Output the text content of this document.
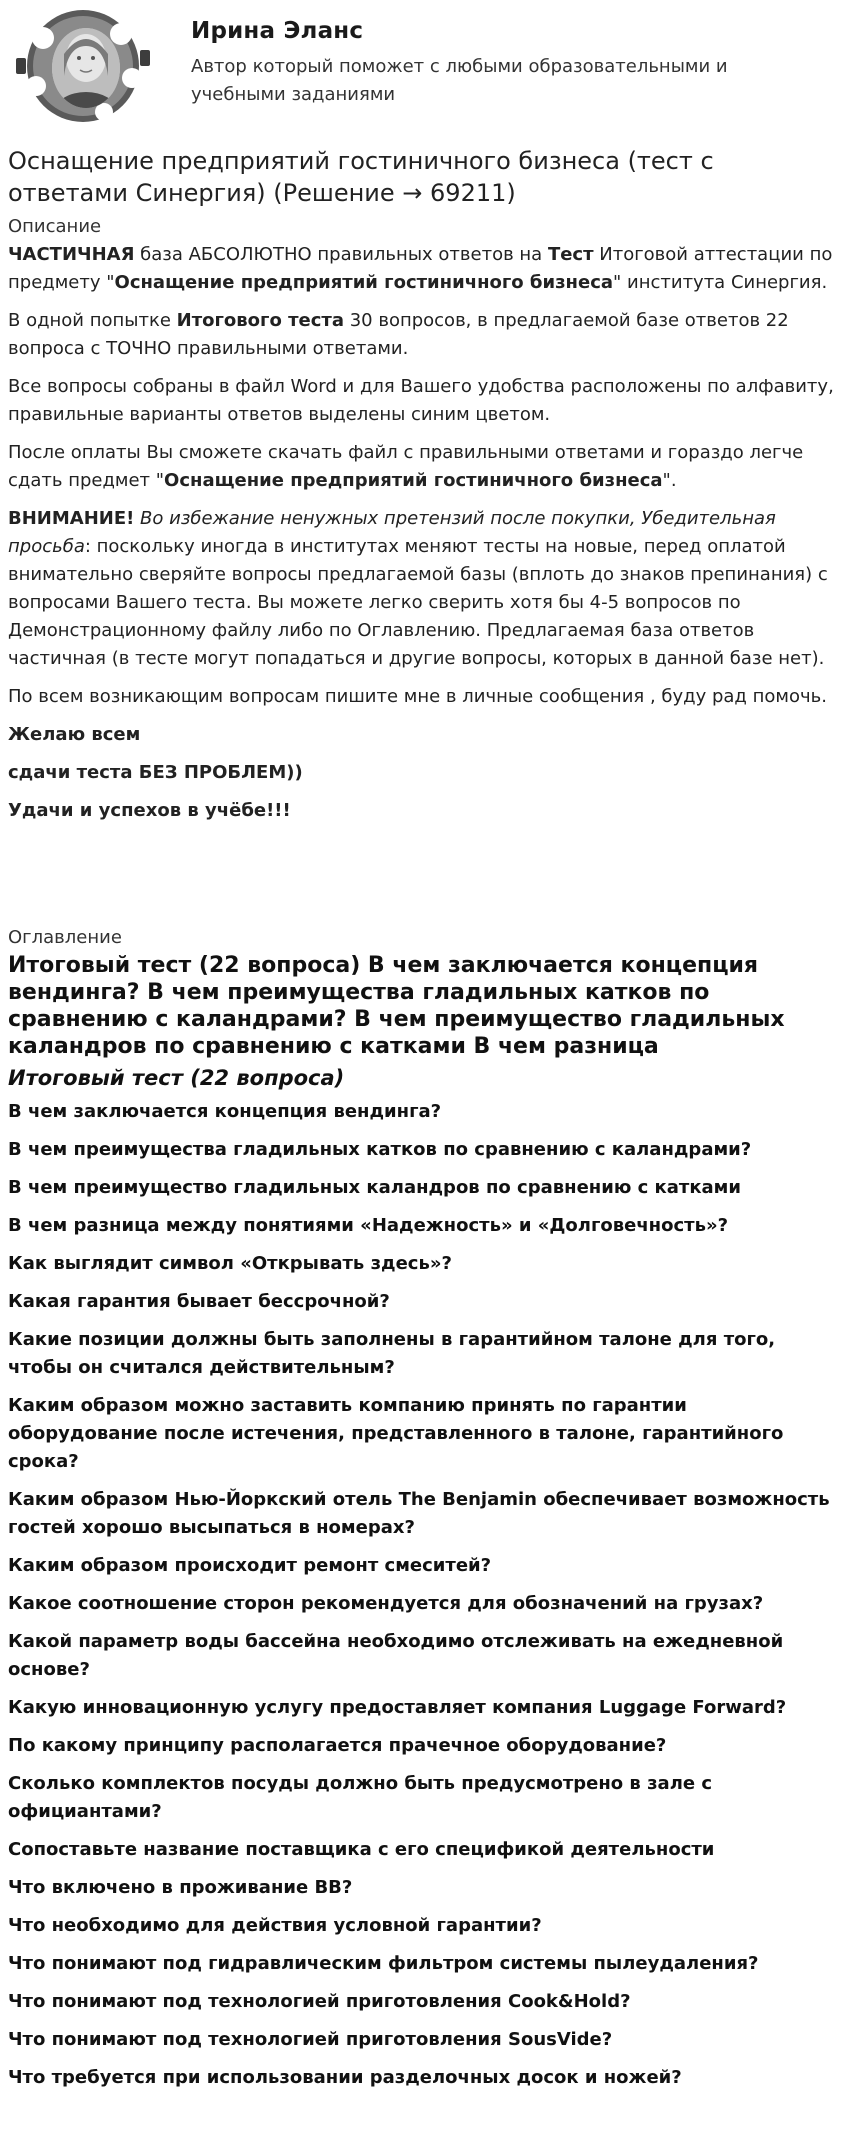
Ирина Эланс
Автор который поможет с любыми образовательными и учебными заданиями
Оснащение предприятий гостиничного бизнеса (тест с ответами Синергия) (Решение → 69211)
Описание

ЧАСТИЧНАЯ база АБСОЛЮТНО правильных ответов на Тест Итоговой аттестации по предмету "Оснащение предприятий гостиничного бизнеса" института Синергия.

В одной попытке Итогового теста 30 вопросов, в предлагаемой базе ответов 22 вопроса с ТОЧНО правильными ответами.

Все вопросы собраны в файл Word и для Вашего удобства расположены по алфавиту, правильные варианты ответов выделены синим цветом.

После оплаты Вы сможете скачать файл с правильными ответами и гораздо легче сдать предмет "Оснащение предприятий гостиничного бизнеса".

ВНИМАНИЕ! Во избежание ненужных претензий после покупки, Убедительная просьба: поскольку иногда в институтах меняют тесты на новые, перед оплатой внимательно сверяйте вопросы предлагаемой базы (вплоть до знаков препинания) с вопросами Вашего теста. Вы можете легко сверить хотя бы 4-5 вопросов по Демонстрационному файлу либо по Оглавлению. Предлагаемая база ответов частичная (в тесте могут попадаться и другие вопросы, которых в данной базе нет).

По всем возникающим вопросам пишите мне в личные сообщения , буду рад помочь.

Желаю всем
сдачи теста БЕЗ ПРОБЛЕМ))
Удачи и успехов в учёбе!!!
Оглавление
Итоговый тест (22 вопроса) В чем заключается концепция вендинга? В чем преимущества гладильных катков по сравнению с каландрами? В чем преимущество гладильных каландров по сравнению с катками В чем разница
Итоговый тест (22 вопроса)
В чем заключается концепция вендинга?
В чем преимущества гладильных катков по сравнению с каландрами?
В чем преимущество гладильных каландров по сравнению с катками
В чем разница между понятиями «Надежность» и «Долговечность»?
Как выглядит символ «Открывать здесь»?
Какая гарантия бывает бессрочной?
Какие позиции должны быть заполнены в гарантийном талоне для того, чтобы он считался действительным?
Каким образом можно заставить компанию принять по гарантии оборудование после истечения, представленного в талоне, гарантийного срока?
Каким образом Нью-Йоркский отель The Benjamin обеспечивает возможность гостей хорошо высыпаться в номерах?
Каким образом происходит ремонт смеситей?
Какое соотношение сторон рекомендуется для обозначений на грузах?
Какой параметр воды бассейна необходимо отслеживать на ежедневной основе?
Какую инновационную услугу предоставляет компания Luggage Forward?
По какому принципу располагается прачечное оборудование?
Сколько комплектов посуды должно быть предусмотрено в зале с официантами?
Сопоставьте название поставщика с его спецификой деятельности
Что включено в проживание ВВ?
Что необходимо для действия условной гарантии?
Что понимают под гидравлическим фильтром системы пылеудаления?
Что понимают под технологией приготовления Cook&Hold?
Что понимают под технологией приготовления SousVide?
Что требуется при использовании разделочных досок и ножей?
